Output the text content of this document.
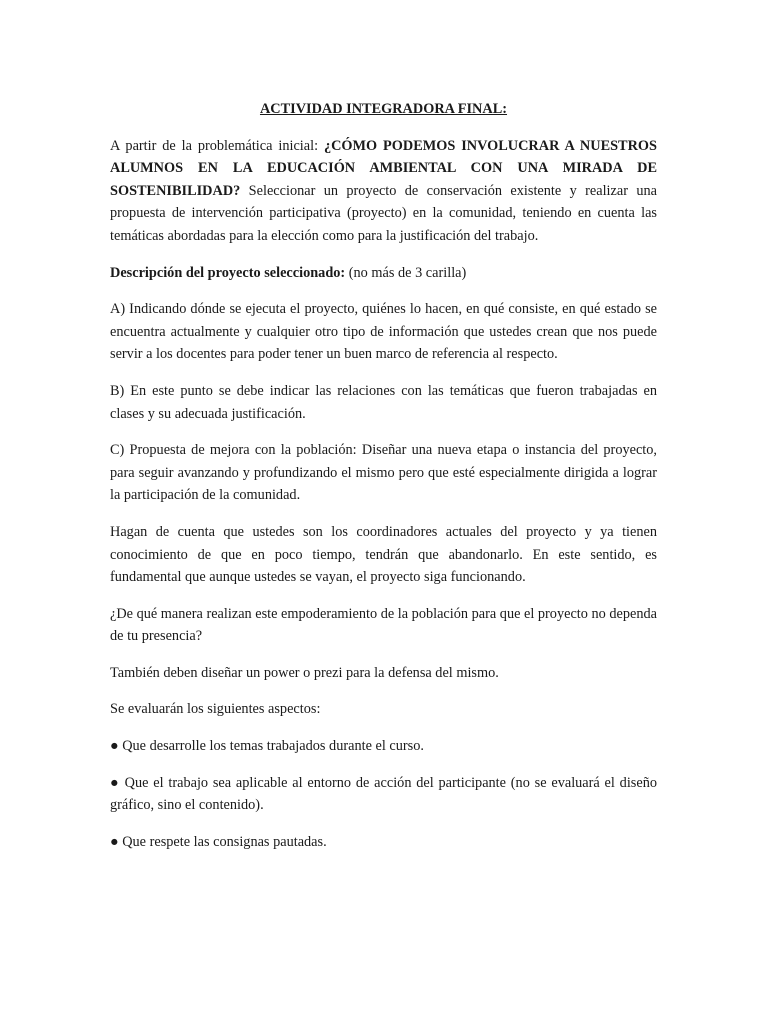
ACTIVIDAD INTEGRADORA FINAL:

A partir de la problemática inicial: ¿CÓMO PODEMOS INVOLUCRAR A NUESTROS ALUMNOS EN LA EDUCACIÓN AMBIENTAL CON UNA MIRADA DE SOSTENIBILIDAD? Seleccionar un proyecto de conservación existente y realizar una propuesta de intervención participativa (proyecto) en la comunidad, teniendo en cuenta las temáticas abordadas para la elección como para la justificación del trabajo.

Descripción del proyecto seleccionado: (no más de 3 carilla)

A) Indicando dónde se ejecuta el proyecto, quiénes lo hacen, en qué consiste, en qué estado se encuentra actualmente y cualquier otro tipo de información que ustedes crean que nos puede servir a los docentes para poder tener un buen marco de referencia al respecto.

B) En este punto se debe indicar las relaciones con las temáticas que fueron trabajadas en clases y su adecuada justificación.

C) Propuesta de mejora con la población: Diseñar una nueva etapa o instancia del proyecto, para seguir avanzando y profundizando el mismo pero que esté especialmente dirigida a lograr la participación de la comunidad.

Hagan de cuenta que ustedes son los coordinadores actuales del proyecto y ya tienen conocimiento de que en poco tiempo, tendrán que abandonarlo. En este sentido, es fundamental que aunque ustedes se vayan, el proyecto siga funcionando.

¿De qué manera realizan este empoderamiento de la población para que el proyecto no dependa de tu presencia?

También deben diseñar un power o prezi para la defensa del mismo.

Se evaluarán los siguientes aspectos:

● Que desarrolle los temas trabajados durante el curso.

● Que el trabajo sea aplicable al entorno de acción del participante (no se evaluará el diseño gráfico, sino el contenido).

● Que respete las consignas pautadas.
